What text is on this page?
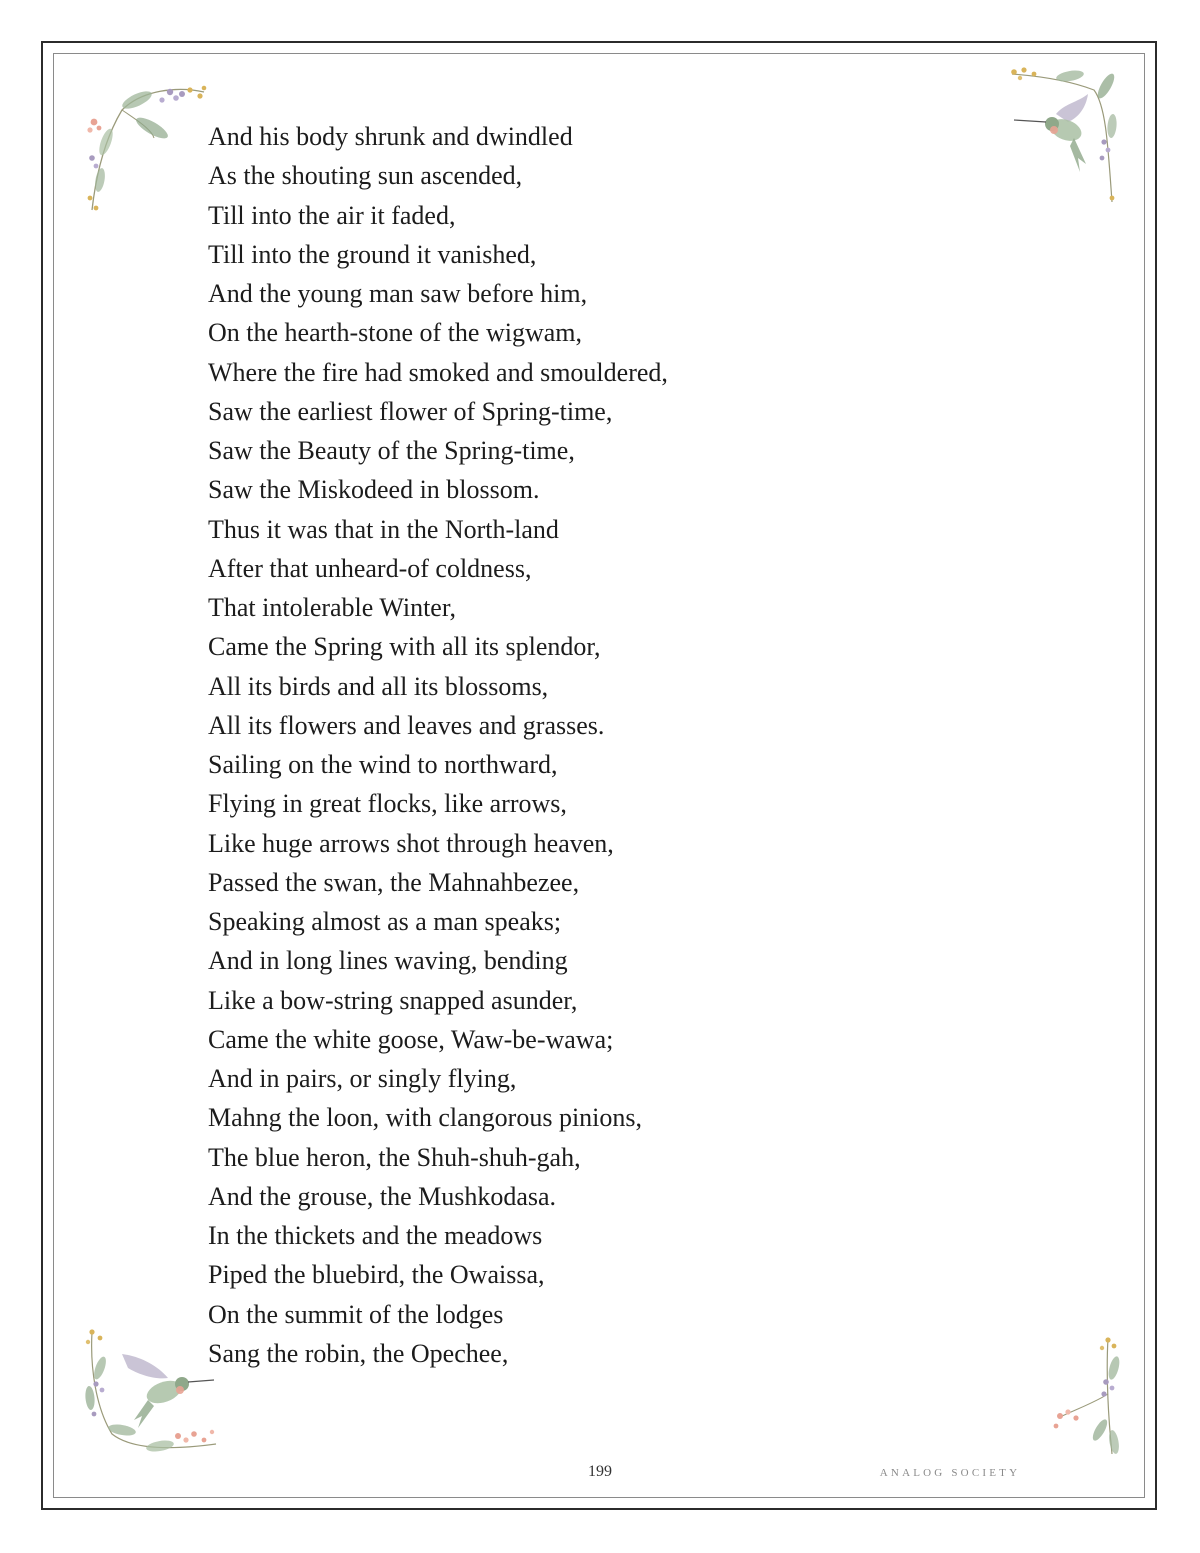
And his body shrunk and dwindled
As the shouting sun ascended,
Till into the air it faded,
Till into the ground it vanished,
And the young man saw before him,
On the hearth-stone of the wigwam,
Where the fire had smoked and smouldered,
Saw the earliest flower of Spring-time,
Saw the Beauty of the Spring-time,
Saw the Miskodeed in blossom.
Thus it was that in the North-land
After that unheard-of coldness,
That intolerable Winter,
Came the Spring with all its splendor,
All its birds and all its blossoms,
All its flowers and leaves and grasses.
Sailing on the wind to northward,
Flying in great flocks, like arrows,
Like huge arrows shot through heaven,
Passed the swan, the Mahnahbezee,
Speaking almost as a man speaks;
And in long lines waving, bending
Like a bow-string snapped asunder,
Came the white goose, Waw-be-wawa;
And in pairs, or singly flying,
Mahng the loon, with clangorous pinions,
The blue heron, the Shuh-shuh-gah,
And the grouse, the Mushkodasa.
In the thickets and the meadows
Piped the bluebird, the Owaissa,
On the summit of the lodges
Sang the robin, the Opechee,
199	ANALOG SOCIETY
